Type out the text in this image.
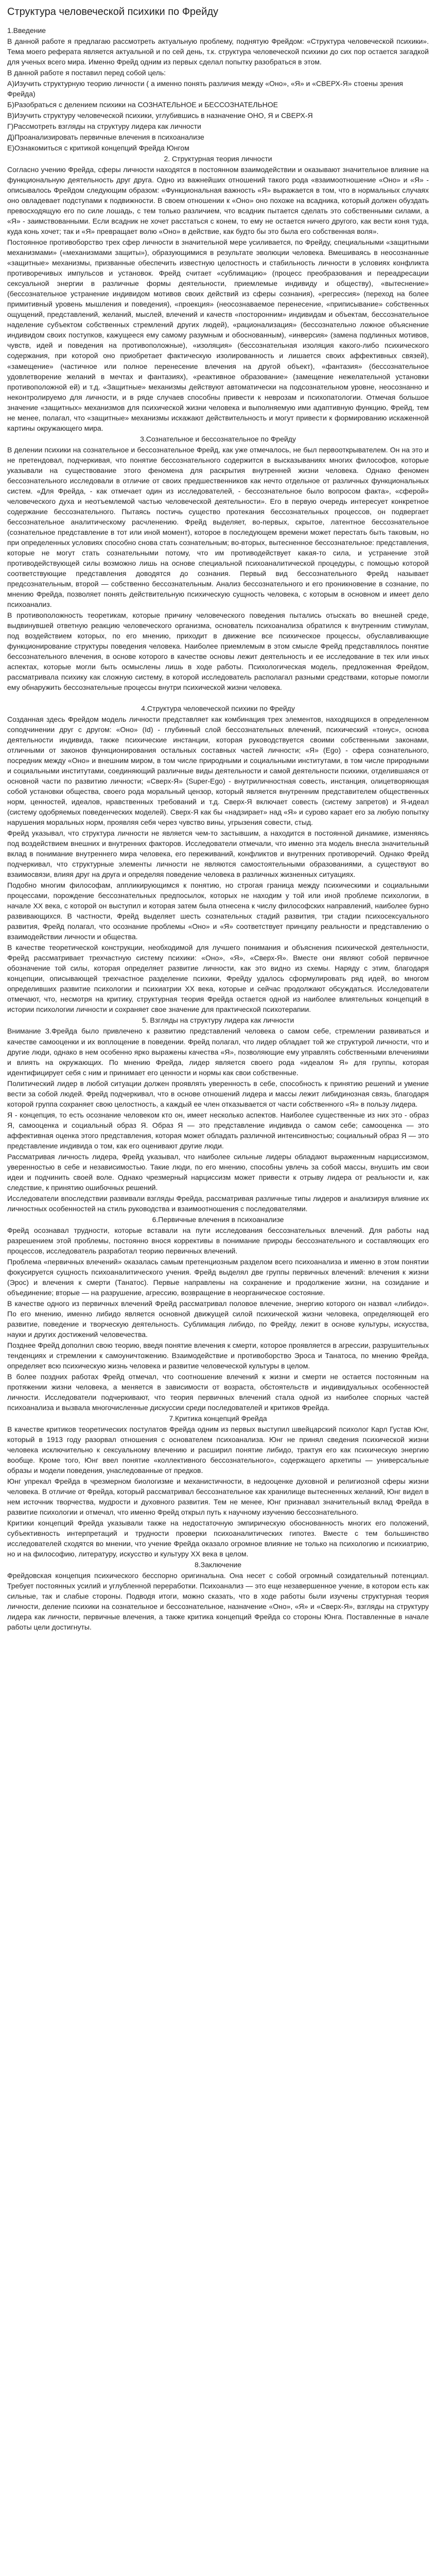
Структура человеческой психики по Фрейду

1.Введение

В данной работе я предлагаю рассмотреть актуальную проблему, поднятую Фрейдом: «Структура человеческой психики». Тема моего реферата является актуальной и по сей день, т.к. структура человеческой психики до сих пор остается загадкой для ученых всего мира. Именно Фрейд одним из первых сделал попытку разобраться в этом.

В данной работе я поставил перед собой цель:

А)Изучить структурную теорию личности ( а именно понять различия между «Оно», «Я» и «СВЕРХ-Я» стоены зрения Фрейда)

Б)Разобраться с делением психики на СОЗНАТЕЛЬНОЕ и БЕССОЗНАТЕЛЬНОЕ

В)Изучить структуру человеческой психики, углубившись в назначение ОНО, Я и СВЕРХ-Я

Г)Рассмотреть взгляды на структуру лидера как личности

Д)Проанализировать первичные влечения в психоанализе

Е)Ознакомиться с критикой концепций Фрейда Юнгом

2. Структурная теория личности

Согласно учению Фрейда, сферы личности находятся в постоянном взаимодействии и оказывают значительное влияние на функциональную деятельность друг друга. Одно из важнейших отношений такого рода «взаимоотношение «Оно» и «Я» - описывалось Фрейдом следующим образом: «Функциональная важность «Я» выражается в том, что в нормальных случаях оно овладевает подступами к подвижности. В своем отношении к «Оно» оно похоже на всадника, который должен обуздать превосходящую его по силе лошадь, с тем только различием, что всадник пытается сделать это собственными силами, а «Я» - заимствованными. Если всадник не хочет расстаться с конем, то ему не остается ничего другого, как вести коня туда, куда конь хочет; так и «Я» превращает волю «Оно» в действие, как будто бы это была его собственная воля».

Постоянное противоборство трех сфер личности в значительной мере усиливается, по Фрейду, специальными «защитными механизмами» («механизмами защиты»), образующимися в результате эволюции человека. Вмешиваясь в неосознанные «защитные» механизмы, призванные обеспечить известную целостность и стабильность личности в условиях конфликта противоречивых импульсов и установок. Фрейд считает «сублимацию» (процесс преобразования и переадресации сексуальной энергии в различные формы деятельности, приемлемые индивиду и обществу), «вытеснение» (бессознательное устранение индивидом мотивов своих действий из сферы сознания), «регрессия» (переход на более примитивный уровень мышления и поведения), «проекция» (неосознаваемое перенесение, «приписывание» собственных ощущений, представлений, желаний, мыслей, влечений и качеств «посторонним» индивидам и объектам, бессознательное наделение субъектом собственных стремлений других людей), «рационализация» (бессознательно ложное объяснение индивидом своих поступков, кажущееся ему самому разумным и обоснованным), «инверсия» (замена подлинных мотивов, чувств, идей и поведения на противоположные), «изоляция» (бессознательная изоляция какого-либо психического содержания, при которой оно приобретает фактическую изолированность и лишается своих аффективных связей), «замещение» (частичное или полное перенесение влечения на другой объект), «фантазия» (бессознательное удовлетворение желаний в мечтах и фантазиях), «реактивное образование» (замещение нежелательной установки противоположной ей) и т.д. «Защитные» механизмы действуют автоматически на подсознательном уровне, неосознанно и неконтролируемо для личности, и в ряде случаев способны привести к неврозам и психопатологии. Отмечая большое значение «защитных» механизмов для психической жизни человека и выполняемую ими адаптивную функцию, Фрейд, тем не менее, полагал, что «защитные» механизмы искажают действительность и могут привести к формированию искаженной картины окружающего мира.

3.Сознательное и бессознательное по Фрейду

В делении психики на сознательное и бессознательное Фрейд, как уже отмечалось, не был первооткрывателем. Он на это и не претендовал, подчеркивая, что понятие бессознательного содержится в высказываниях многих философов, которые указывали на существование этого феномена для раскрытия внутренней жизни человека. Однако феномен бессознательного исследовали в отличие от своих предшественников как нечто отдельное от различных функциональных систем. «Для Фрейда, - как отмечает один из исследователей, - бессознательное было вопросом факта», «сферой» человеческого духа и неотъемлемой частью человеческой деятельности». Его в первую очередь интересует конкретное содержание бессознательного. Пытаясь постичь существо протекания бессознательных процессов, он подвергает бессознательное аналитическому расчленению. Фрейд выделяет, во-первых, скрытое, латентное бессознательное (сознательное представление в тот или иной момент), которое в последующем времени может перестать быть таковым, но при определенных условиях способно снова стать сознательным; во-вторых, вытесненное бессознательное: представления, которые не могут стать сознательными потому, что им противодействует какая-то сила, и устранение этой противодействующей силы возможно лишь на основе специальной психоаналитической процедуры, с помощью которой соответствующие представления доводятся до сознания. Первый вид бессознательного Фрейд называет предсознательным, второй — собственно бессознательным. Анализ бессознательного и его проникновение в сознание, по мнению Фрейда, позволяет понять действительную психическую сущность человека, с которым в основном и имеет дело психоанализ.

В противоположность теоретикам, которые причину человеческого поведения пытались отыскать во внешней среде, выдвинувшей ответную реакцию человеческого организма, основатель психоанализа обратился к внутренним стимулам, под воздействием которых, по его мнению, приходит в движение все психическое процессы, обуславливающие функционирование структуры поведения человека. Наиболее приемлемым в этом смысле Фрейд представлялось понятие бессознательного влечения, в основе которого в качестве основы лежит деятельность и ее исследование в тех или иных аспектах, которые могли быть осмыслены лишь в ходе работы. Психологическая модель, предложенная Фрейдом, рассматривала психику как сложную систему, в которой исследователь располагал разными средствами, которые помогли ему обнаружить бессознательные процессы внутри психической жизни человека.

4.Структура человеческой психики по Фрейду

Созданная здесь Фрейдом модель личности представляет как комбинация трех элементов, находящихся в определенном соподчинении друг с другом: «Оно» (Id) - глубинный слой бессознательных влечений, психический «тонус», основа деятельности индивида, также психические инстанции, которая руководствуется своими собственными законами, отличными от законов функционирования остальных составных частей личности; «Я» (Ego) - сфера сознательного, посредник между «Оно» и внешним миром, в том числе природными и социальными институтами, в том числе природными и социальными институтами, соединяющий различные виды деятельности и самой деятельности психики, отделившаяся от основной части по развитию личности; «Сверх-Я» (Super-Ego) - внутриличностная совесть, инстанция, олицетворяющая собой установки общества, своего рода моральный цензор, который является внутренним представителем общественных норм, ценностей, идеалов, нравственных требований и т.д. Сверх-Я включает совесть (систему запретов) и Я-идеал (систему одобряемых поведенческих моделей). Сверх-Я как бы «надзирает» над «Я» и сурово карает его за любую попытку нарушения моральных норм, проявляя себя через чувство вины, угрызения совести, стыд.

Фрейд указывал, что структура личности не является чем-то застывшим, а находится в постоянной динамике, изменяясь под воздействием внешних и внутренних факторов. Исследователи отмечали, что именно эта модель внесла значительный вклад в понимание внутреннего мира человека, его переживаний, конфликтов и внутренних противоречий. Однако Фрейд подчеркивал, что структурные элементы личности не являются самостоятельными образованиями, а существуют во взаимосвязи, влияя друг на друга и определяя поведение человека в различных жизненных ситуациях.

Подобно многим философам, аппликирующимся к понятию, но строгая граница между психическими и социальными процессами, порождение бессознательных предпосылок, которых не находим у той или иной проблеме психологии, в начале XX века, с которой он выступил и которая затем была отнесена к числу философских направлений, наиболее бурно развивающихся. В частности, Фрейд выделяет шесть сознательных стадий развития, три стадии психосексуального развития, Фрейд полагал, что осознание проблемы «Оно» и «Я» соответствует принципу реальности и представлению о взаимодействии личности и общества.

В качестве теоретической конструкции, необходимой для лучшего понимания и объяснения психической деятельности, Фрейд рассматривает трехчастную систему психики: «Оно», «Я», «Сверх-Я». Вместе они являют собой первичное обозначение той силы, которая определяет развитие личности, как это видно из схемы. Наряду с этим, благодаря концепции, описывающей трехчастное разделение психики, Фрейду удалось сформулировать ряд идей, во многом определивших развитие психологии и психиатрии XX века, которые и сейчас продолжают обсуждаться. Исследователи отмечают, что, несмотря на критику, структурная теория Фрейда остается одной из наиболее влиятельных концепций в истории психологии личности и сохраняет свое значение для практической психотерапии.

5. Взгляды на структуру лидера как личности

Внимание З.Фрейда было привлечено к развитию представлений человека о самом себе, стремлении развиваться и качестве самооценки и их воплощение в поведении. Фрейд полагал, что лидер обладает той же структурой личности, что и другие люди, однако в нем особенно ярко выражены качества «Я», позволяющие ему управлять собственными влечениями и влиять на окружающих. По мнению Фрейда, лидер является своего рода «идеалом Я» для группы, которая идентифицирует себя с ним и принимает его ценности и нормы как свои собственные.

Политический лидер в любой ситуации должен проявлять уверенность в себе, способность к принятию решений и умение вести за собой людей. Фрейд подчеркивал, что в основе отношений лидера и массы лежит либидинозная связь, благодаря которой группа сохраняет свою целостность, а каждый ее член отказывается от части собственного «Я» в пользу лидера.

Я - концепция, то есть осознание человеком кто он, имеет несколько аспектов. Наиболее существенные из них это - образ Я, самооценка и социальный образ Я. Образ Я — это представление индивида о самом себе; самооценка — это аффективная оценка этого представления, которая может обладать различной интенсивностью; социальный образ Я — это представление индивида о том, как его оценивают другие люди.

Рассматривая личность лидера, Фрейд указывал, что наиболее сильные лидеры обладают выраженным нарциссизмом, уверенностью в себе и независимостью. Такие люди, по его мнению, способны увлечь за собой массы, внушить им свои идеи и подчинить своей воле. Однако чрезмерный нарциссизм может привести к отрыву лидера от реальности и, как следствие, к принятию ошибочных решений.

Исследователи впоследствии развивали взгляды Фрейда, рассматривая различные типы лидеров и анализируя влияние их личностных особенностей на стиль руководства и взаимоотношения с последователями.

6.Первичные влечения в психоанализе

Фрейд осознавал трудности, которые вставали на пути исследования бессознательных влечений. Для работы над разрешением этой проблемы, постоянно внося коррективы в понимание природы бессознательного и составляющих его процессов, исследователь разработал теорию первичных влечений.

Проблема «первичных влечений» оказалась самым претенциозным разделом всего психоанализа и именно в этом понятии фокусируется сущность психоаналитического учения. Фрейд выделял две группы первичных влечений: влечения к жизни (Эрос) и влечения к смерти (Танатос). Первые направлены на сохранение и продолжение жизни, на созидание и объединение; вторые — на разрушение, агрессию, возвращение в неорганическое состояние.

В качестве одного из первичных влечений Фрейд рассматривал половое влечение, энергию которого он назвал «либидо». По его мнению, именно либидо является основной движущей силой психической жизни человека, определяющей его развитие, поведение и творческую деятельность. Сублимация либидо, по Фрейду, лежит в основе культуры, искусства, науки и других достижений человечества.

Позднее Фрейд дополнил свою теорию, введя понятие влечения к смерти, которое проявляется в агрессии, разрушительных тенденциях и стремлении к самоуничтожению. Взаимодействие и противоборство Эроса и Танатоса, по мнению Фрейда, определяет всю психическую жизнь человека и развитие человеческой культуры в целом.

В более поздних работах Фрейд отмечал, что соотношение влечений к жизни и смерти не остается постоянным на протяжении жизни человека, а меняется в зависимости от возраста, обстоятельств и индивидуальных особенностей личности. Исследователи подчеркивают, что теория первичных влечений стала одной из наиболее спорных частей психоанализа и вызвала многочисленные дискуссии среди последователей и критиков Фрейда.

7.Критика концепций Фрейда

В качестве критиков теоретических постулатов Фрейда одним из первых выступил швейцарский психолог Карл Густав Юнг, который в 1913 году разорвал отношения с основателем психоанализа. Юнг не принял сведения психической жизни человека исключительно к сексуальному влечению и расширил понятие либидо, трактуя его как психическую энергию вообще. Кроме того, Юнг ввел понятие «коллективного бессознательного», содержащего архетипы — универсальные образы и модели поведения, унаследованные от предков.

Юнг упрекал Фрейда в чрезмерном биологизме и механистичности, в недооценке духовной и религиозной сферы жизни человека. В отличие от Фрейда, который рассматривал бессознательное как хранилище вытесненных желаний, Юнг видел в нем источник творчества, мудрости и духовного развития. Тем не менее, Юнг признавал значительный вклад Фрейда в развитие психологии и отмечал, что именно Фрейд открыл путь к научному изучению бессознательного.

Критики концепций Фрейда указывали также на недостаточную эмпирическую обоснованность многих его положений, субъективность интерпретаций и трудности проверки психоаналитических гипотез. Вместе с тем большинство исследователей сходятся во мнении, что учение Фрейда оказало огромное влияние не только на психологию и психиатрию, но и на философию, литературу, искусство и культуру XX века в целом.

8.Заключение

Фрейдовская концепция психического бесспорно оригинальна. Она несет с собой огромный созидательный потенциал. Требует постоянных усилий и углубленной переработки. Психоанализ — это еще незавершенное учение, в котором есть как сильные, так и слабые стороны. Подводя итоги, можно сказать, что в ходе работы были изучены структурная теория личности, деление психики на сознательное и бессознательное, назначение «Оно», «Я» и «Сверх-Я», взгляды на структуру лидера как личности, первичные влечения, а также критика концепций Фрейда со стороны Юнга. Поставленные в начале работы цели достигнуты.
